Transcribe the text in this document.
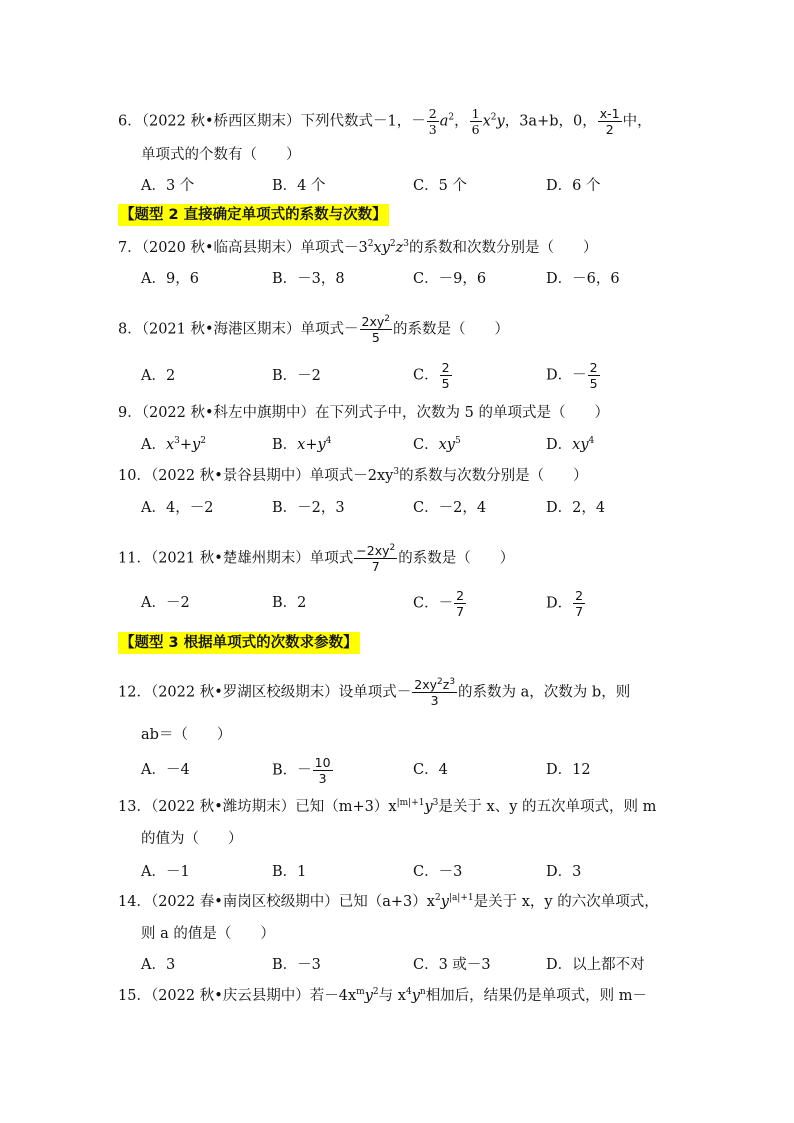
6．（2022 秋•桥西区期末）下列代数式－1，－ $\frac{2}{3} a^2$， $\frac{1}{6} x^2y$，3a+b，0， $\frac{x-1}{2}$ 中，
单项式的个数有（　　）
A．3 个	B．4 个	C．5 个	D．6 个
【题型 2 直接确定单项式的系数与次数】
7．（2020 秋•临高县期末）单项式$-3^2xy^2z^3$的系数和次数分别是（　　）
A．9，6	B．－3，8	C．－9，6	D．－6，6
8．（2021 秋•海港区期末）单项式－ $\frac{2xy^2}{5}$ 的系数是（　　）
A．2	B．－2	C． $\frac{2}{5}$	D．－ $\frac{2}{5}$
9．（2022 秋•科左中旗期中）在下列式子中，次数为 5 的单项式是（　　）
A．$x^3+y^2$	B．$x+y^4$	C．$xy^5$	D．$xy^4$
10．（2022 秋•景谷县期中）单项式$-2xy^3$的系数与次数分别是（　　）
A．4，－2	B．－2，3	C．－2，4	D．2，4
11．（2021 秋•楚雄州期末）单项式 $\frac{-2xy^2}{7}$ 的系数是（　　）
A．－2	B．2	C．－ $\frac{2}{7}$	D． $\frac{2}{7}$
【题型 3 根据单项式的次数求参数】
12．（2022 秋•罗湖区校级期末）设单项式－ $\frac{2xy^2z^3}{3}$ 的系数为 a，次数为 b，则
ab＝（　　）
A．－4	B．－ $\frac{10}{3}$	C．4	D．12
13．（2022 秋•潍坊期末）已知$(m+3)x^{|m|+1}y^3$是关于 x、y 的五次单项式，则 m
的值为（　　）
A．－1	B．1	C．－3	D．3
14．（2022 春•南岗区校级期中）已知$(a+3)x^2y^{|a|+1}$是关于 x，y 的六次单项式，
则 a 的值是（　　）
A．3	B．－3	C．3 或－3	D．以上都不对
15．（2022 秋•庆云县期中）若$-4x^my^2$与 $x^4y^n$相加后，结果仍是单项式，则 m－
